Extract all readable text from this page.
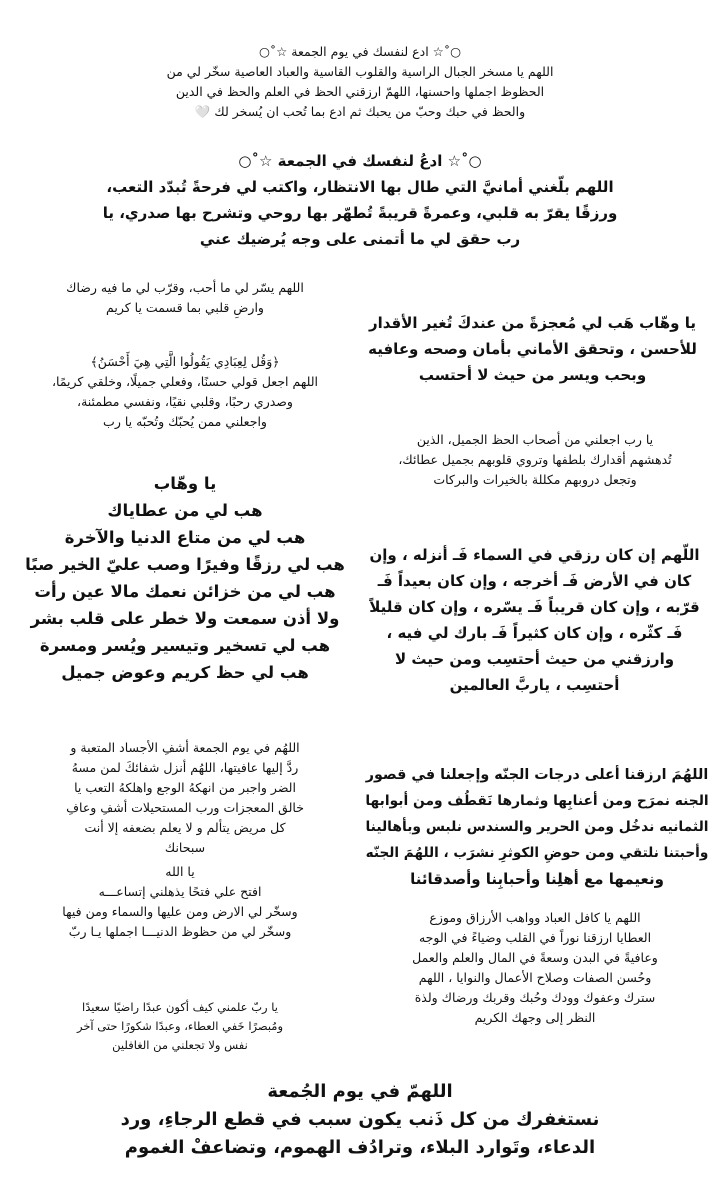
○˚☆ ادع لنفسك في يوم الجمعة ☆˚○
اللهم يا مسخر الجبال الراسية والقلوب القاسية والعباد العاصية سخّر لي من
الحظوظ اجملها واحسنها، اللهمّ ارزقني الحظ في العلم والحظ في الدين
والحظ في حبك وحبّ من يحبك ثم ادع بما تُحب ان يُسخر لك 🤍
○˚☆ ادعُ لنفسك في الجمعة ☆˚○
اللهم بلّغني أمانيَّ التي طال بها الانتظار، واكتب لي فرحةً تُبدّد التعب،
ورزقًا يقرّ به قلبي، وعمرةً قريبةً تُطهّر بها روحي وتشرح بها صدري، يا
رب حقق لي ما أتمنى على وجه يُرضيك عني
اللهم يسّر لي ما أحب، وقرّب لي ما فيه رضاك
وارضِ قلبي بما قسمت يا كريم
يا وهّاب هَب لي مُعجزةً من عندكَ تُغير الأقدار
للأحسن ، وتحقق الأماني بأمان وصحه وعافيه
وبحب ويسر من حيث لا أحتسب
﴿وَقُل لِعِبَادِي يَقُولُوا الَّتِي هِيَ أَحْسَنُ﴾
اللهم اجعل قولي حسنًا، وفعلي جميلًا، وخلقي كريمًا،
وصدري رحبًا، وقلبي نقيًا، ونفسي مطمئنة،
واجعلني ممن يُحبّك وتُحبّه يا رب
يا رب اجعلني من أصحاب الحظ الجميل، الذين
تُدهشهم أقدارك بلطفها وتروي قلوبهم بجميل عطائك،
وتجعل دروبهم مكللة بالخيرات والبركات
يا وهّاب
هب لي من عطاياك
هب لي من متاع الدنيا والآخرة
هب لي رزقًا وفيرًا وصب عليّ الخير صبًا
هب لي من خزائن نعمك مالا عين رأت
ولا أذن سمعت ولا خطر على قلب بشر
هب لي تسخير وتيسير ويُسر ومسرة
هب لي حظ كريم وعوض جميل
اللّهم إن كان رزقي في السماء فَـ أنزله ، وإن
كان في الأرض فَـ أخرجه ، وإن كان بعيداً فَـ
قرّبه ، وإن كان قريباً فَـ يسّره ، وإن كان قليلاً
فَـ كثّره ، وإن كان كثيراً فَـ بارك لي فيه ،
وارزقني من حيث أحتسِب ومن حيث لا
أحتسِب ، ياربَّ العالمين
اللهُم في يوم الجمعة أشفِ الأجساد المتعبة و
ردَّ إليها عافيتها، اللهُم أنزل شفائكَ لمن مسهُ
الضر واجبر من انهكهُ الوجع واهلكهُ التعب يا
خالق المعجزات ورب المستحيلات أشفِ وعافِ
كل مريض يتألم و لا يعلم بضعفه إلا أنت
سبحانك
اللهُمَ ارزقنا أعلى درجات الجنّه وإجعلنا في قصور
الجنه نمرَح ومن أعنابِها وثمارها نَقطُف ومن أبوابها
الثمانيه ندخُل ومن الحرير والسندس نلبس وبأهالينا
وأحبتنا نلتقي ومن حوضِ الكوثرِ نشرَب ، اللهُمَ الجنّه
ونعيمها مع أهلِنا وأحبابِنا وأصدقائنا
يا الله
افتح علي فتحًا يذهلني إتساعـــه
وسخّر لي الارض ومن عليها والسماء ومن فيها
وسخّر لي من حظوظ الدنيـــا اجملها يـا ربّ
اللهم يا كافل العباد وواهب الأرزاق وموزع
العطايا ارزقنا نوراً في القلب وضياءً في الوجه
وعافيةً في البدن وسعةً في المال والعلم والعمل
وحُسن الصفات وصلاح الأعمال والنوايا ، اللهم
سترك وعفوك وودك وحُبك وقربك ورضاك ولذة
النظر إلى وجهك الكريم
يا ربّ علمني كيف أكون عبدًا راضيًا سعيدًا
ومُبصرًا خَفي العطاء، وعبدًا شكورًا حتى آخر
نفس ولا تجعلني من الغافلين
اللهمّ في يوم الجُمعة
نستغفرك من كل ذَنب يكون سبب في قطع الرجاءِ، ورد
الدعاء، وتَوارد البلاء، وترادُف الهموم، وتضاعفْ الغموم
